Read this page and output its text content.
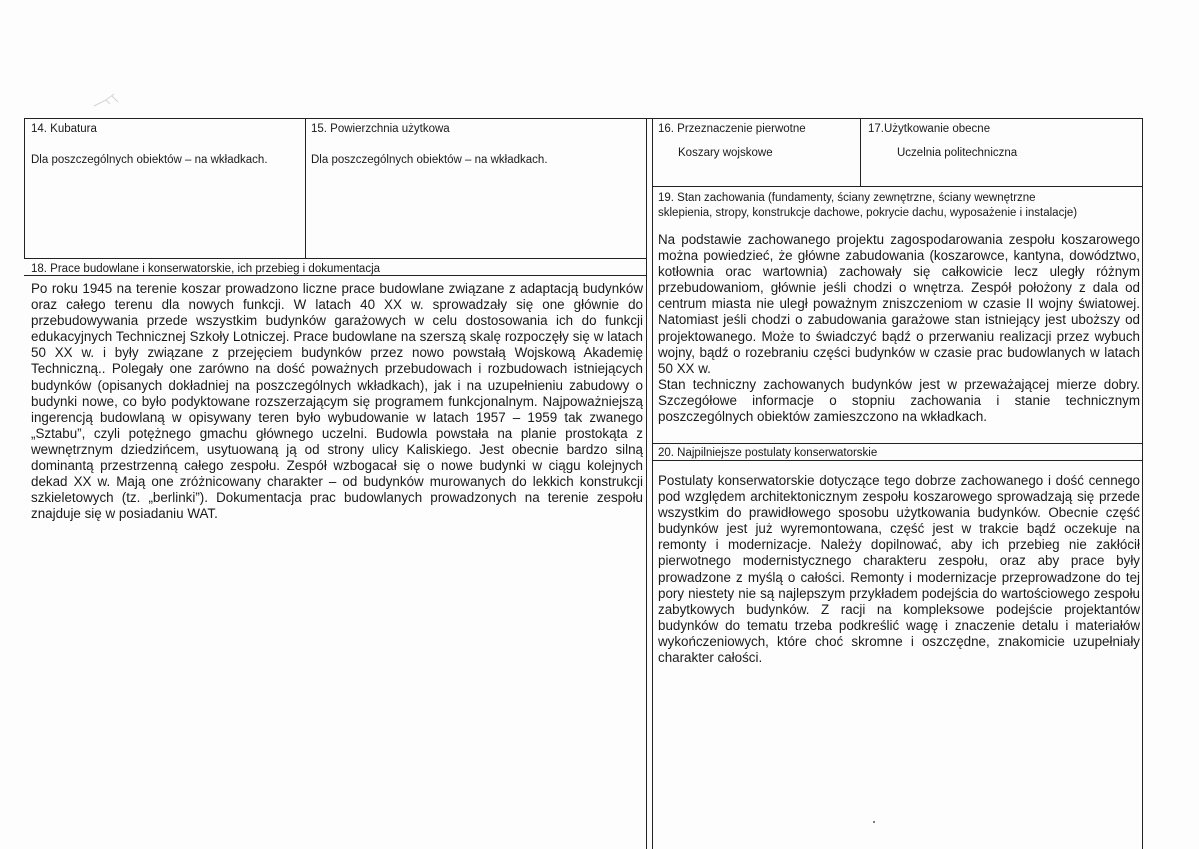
14. Kubatura
Dla poszczególnych obiektów – na wkładkach.
15. Powierzchnia użytkowa
Dla poszczególnych obiektów – na wkładkach.
16. Przeznaczenie pierwotne
Koszary wojskowe
17.Użytkowanie obecne
Uczelnia politechniczna
19. Stan zachowania (fundamenty, ściany zewnętrzne, ściany wewnętrzne
sklepienia, stropy, konstrukcje dachowe, pokrycie dachu, wyposażenie i instalacje)

Na podstawie zachowanego projektu zagospodarowania zespołu koszarowego można powiedzieć, że główne zabudowania (koszarowce, kantyna, dowództwo, kotłownia orac wartownia) zachowały się całkowicie lecz uległy różnym przebudowaniom, głównie jeśli chodzi o wnętrza. Zespół położony z dala od centrum miasta nie uległ poważnym zniszczeniom w czasie II wojny światowej. Natomiast jeśli chodzi o zabudowania garażowe stan istniejący jest uboższy od projektowanego. Może to świadczyć bądź o przerwaniu realizacji przez wybuch wojny, bądź o rozebraniu części budynków w czasie prac budowlanych w latach 50 XX w.

Stan techniczny zachowanych budynków jest w przeważającej mierze dobry. Szczegółowe informacje o stopniu zachowania i stanie technicznym poszczególnych obiektów zamieszczono na wkładkach.

18. Prace budowlane i konserwatorskie, ich przebieg i dokumentacja
Po roku 1945 na terenie koszar prowadzono liczne prace budowlane związane z adaptacją budynków oraz całego terenu dla nowych funkcji. W latach 40 XX w. sprowadzały się one głównie do przebudowywania przede wszystkim budynków garażowych w celu dostosowania ich do funkcji edukacyjnych Technicznej Szkoły Lotniczej. Prace budowlane na szerszą skalę rozpoczęły się w latach 50 XX w. i były związane z przejęciem budynków przez nowo powstałą Wojskową Akademię Techniczną.. Polegały one zarówno na dość poważnych przebudowach i rozbudowach istniejących budynków (opisanych dokładniej na poszczególnych wkładkach), jak i na uzupełnieniu zabudowy o budynki nowe, co było podyktowane rozszerzającym się programem funkcjonalnym. Najpoważniejszą ingerencją budowlaną w opisywany teren było wybudowanie w latach 1957 – 1959 tak zwanego „Sztabu”, czyli potężnego gmachu głównego uczelni. Budowla powstała na planie prostokąta z wewnętrznym dziedzińcem, usytuowaną ją od strony ulicy Kaliskiego. Jest obecnie bardzo silną dominantą przestrzenną całego zespołu. Zespół wzbogacał się o nowe budynki w ciągu kolejnych dekad XX w. Mają one zróżnicowany charakter – od budynków murowanych do lekkich konstrukcji szkieletowych (tz. „berlinki”). Dokumentacja prac budowlanych prowadzonych na terenie zespołu znajduje się w posiadaniu WAT.
20. Najpilniejsze postulaty konserwatorskie
Postulaty konserwatorskie dotyczące tego dobrze zachowanego i dość cennego pod względem architektonicznym zespołu koszarowego sprowadzają się przede wszystkim do prawidłowego sposobu użytkowania budynków. Obecnie część budynków jest już wyremontowana, część jest w trakcie bądź oczekuje na remonty i modernizacje. Należy dopilnować, aby ich przebieg nie zakłócił pierwotnego modernistycznego charakteru zespołu, oraz aby prace były prowadzone z myślą o całości. Remonty i modernizacje przeprowadzone do tej pory niestety nie są najlepszym przykładem podejścia do wartościowego zespołu zabytkowych budynków. Z racji na kompleksowe podejście projektantów budynków do tematu trzeba podkreślić wagę i znaczenie detalu i materiałów wykończeniowych, które choć skromne i oszczędne, znakomicie uzupełniały charakter całości.
